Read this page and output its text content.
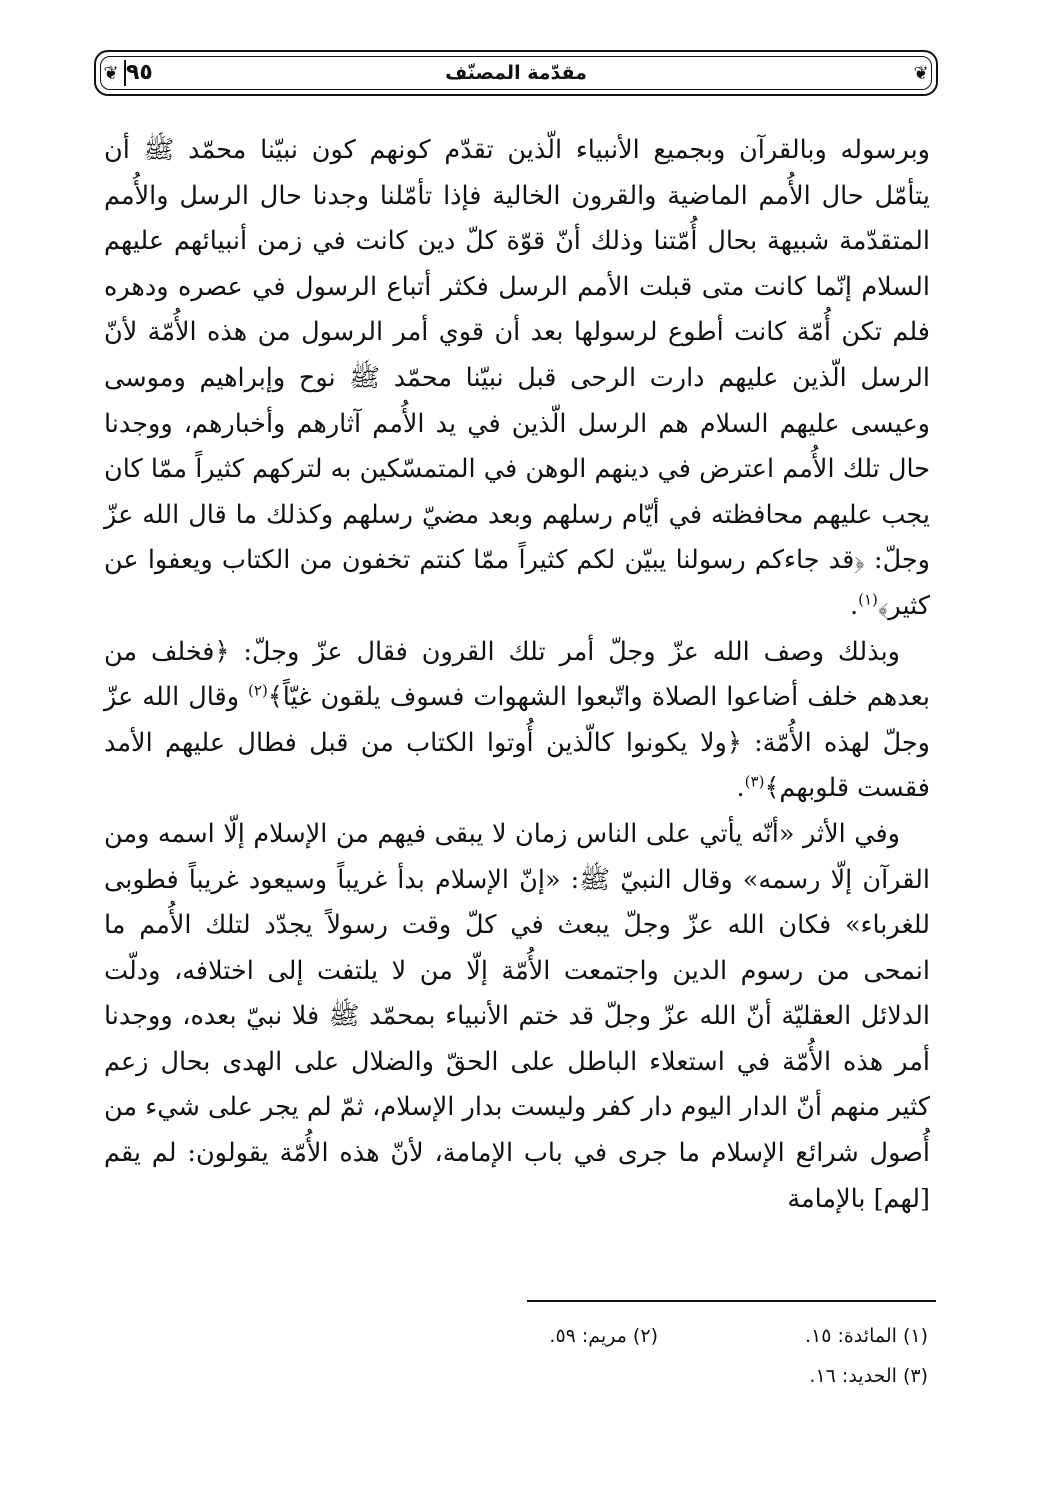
❦
❦	مقدّمة المصنّف
٩٥

وبرسوله وبالقرآن وبجميع الأنبياء الّذين تقدّم كونهم كون نبيّنا محمّد ﷺ أن يتأمّل حال الأُمم الماضية والقرون الخالية فإذا تأمّلنا وجدنا حال الرسل والأُمم المتقدّمة شبيهة بحال أُمّتنا وذلك أنّ قوّة كلّ دين كانت في زمن أنبيائهم عليهم السلام إنّما كانت متى قبلت الأمم الرسل فكثر أتباع الرسول في عصره ودهره فلم تكن أُمّة كانت أطوع لرسولها بعد أن قوي أمر الرسول من هذه الأُمّة لأنّ الرسل الّذين عليهم دارت الرحى قبل نبيّنا محمّد ﷺ نوح وإبراهيم وموسى وعيسى عليهم السلام هم الرسل الّذين في يد الأُمم آثارهم وأخبارهم، ووجدنا حال تلك الأُمم اعترض في دينهم الوهن في المتمسّكين به لتركهم كثيراً ممّا كان يجب عليهم محافظته في أيّام رسلهم وبعد مضيّ رسلهم وكذلك ما قال الله عزّ وجلّ: ﴿قد جاءكم رسولنا يبيّن لكم كثيراً ممّا كنتم تخفون من الكتاب ويعفوا عن كثير﴾$^{(١)}$.

وبذلك وصف الله عزّ وجلّ أمر تلك القرون فقال عزّ وجلّ: ﴿فخلف من بعدهم خلف أضاعوا الصلاة واتّبعوا الشهوات فسوف يلقون غيّاً﴾$^{(٢)}$ وقال الله عزّ وجلّ لهذه الأُمّة: ﴿ولا يكونوا كالّذين أُوتوا الكتاب من قبل فطال عليهم الأمد فقست قلوبهم﴾$^{(٣)}$.

وفي الأثر «أنّه يأتي على الناس زمان لا يبقى فيهم من الإسلام إلّا اسمه ومن القرآن إلّا رسمه» وقال النبيّ ﷺ: «إنّ الإسلام بدأ غريباً وسيعود غريباً فطوبى للغرباء» فكان الله عزّ وجلّ يبعث في كلّ وقت رسولاً يجدّد لتلك الأُمم ما انمحى من رسوم الدين واجتمعت الأُمّة إلّا من لا يلتفت إلى اختلافه، ودلّت الدلائل العقليّة أنّ الله عزّ وجلّ قد ختم الأنبياء بمحمّد ﷺ فلا نبيّ بعده، ووجدنا أمر هذه الأُمّة في استعلاء الباطل على الحقّ والضلال على الهدى بحال زعم كثير منهم أنّ الدار اليوم دار كفر وليست بدار الإسلام، ثمّ لم يجر على شيء من أُصول شرائع الإسلام ما جرى في باب الإمامة، لأنّ هذه الأُمّة يقولون: لم يقم [لهم] بالإمامة

(١) المائدة: ١٥.
(٢) مريم: ٥٩.
(٣) الحديد: ١٦.
